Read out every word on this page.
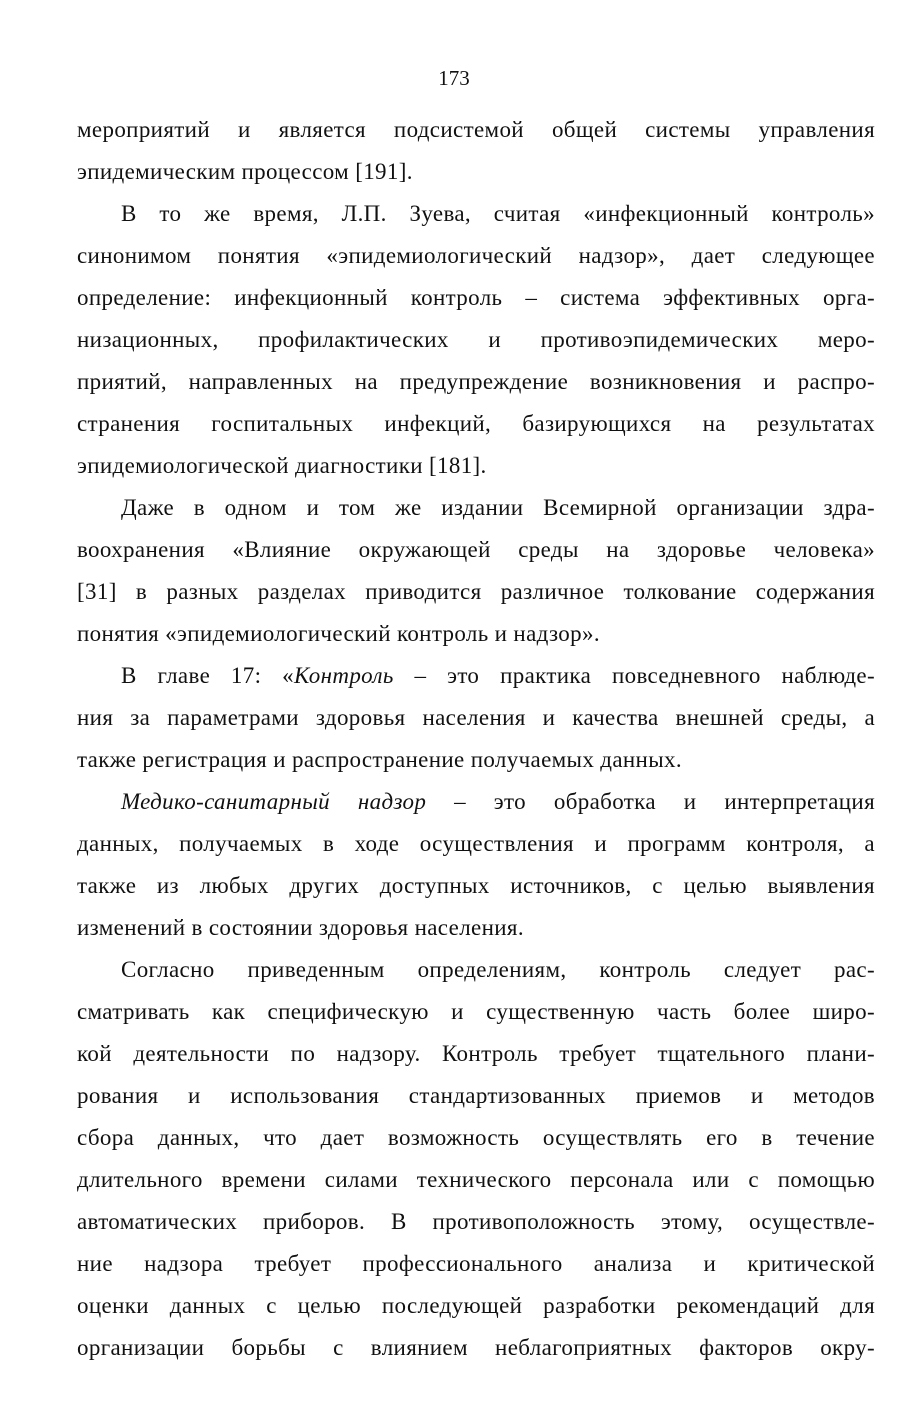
173
мероприятий и является подсистемой общей системы управления
эпидемическим процессом [191].
В то же время, Л.П. Зуева, считая «инфекционный контроль»
синонимом понятия «эпидемиологический надзор», дает следующее
определение: инфекционный контроль – система эффективных орга-
низационных, профилактических и противоэпидемических меро-
приятий, направленных на предупреждение возникновения и распро-
странения госпитальных инфекций, базирующихся на результатах
эпидемиологической диагностики [181].
Даже в одном и том же издании Всемирной организации здра-
воохранения «Влияние окружающей среды на здоровье человека»
[31] в разных разделах приводится различное толкование содержания
понятия «эпидемиологический контроль и надзор».
В главе 17: «Контроль – это практика повседневного наблюде-
ния за параметрами здоровья населения и качества внешней среды, а
также регистрация и распространение получаемых данных.
Медико-санитарный надзор – это обработка и интерпретация
данных, получаемых в ходе осуществления и программ контроля, а
также из любых других доступных источников, с целью выявления
изменений в состоянии здоровья населения.
Согласно приведенным определениям, контроль следует рас-
сматривать как специфическую и существенную часть более широ-
кой деятельности по надзору. Контроль требует тщательного плани-
рования и использования стандартизованных приемов и методов
сбора данных, что дает возможность осуществлять его в течение
длительного времени силами технического персонала или с помощью
автоматических приборов. В противоположность этому, осуществле-
ние надзора требует профессионального анализа и критической
оценки данных с целью последующей разработки рекомендаций для
организации борьбы с влиянием неблагоприятных факторов окру-
